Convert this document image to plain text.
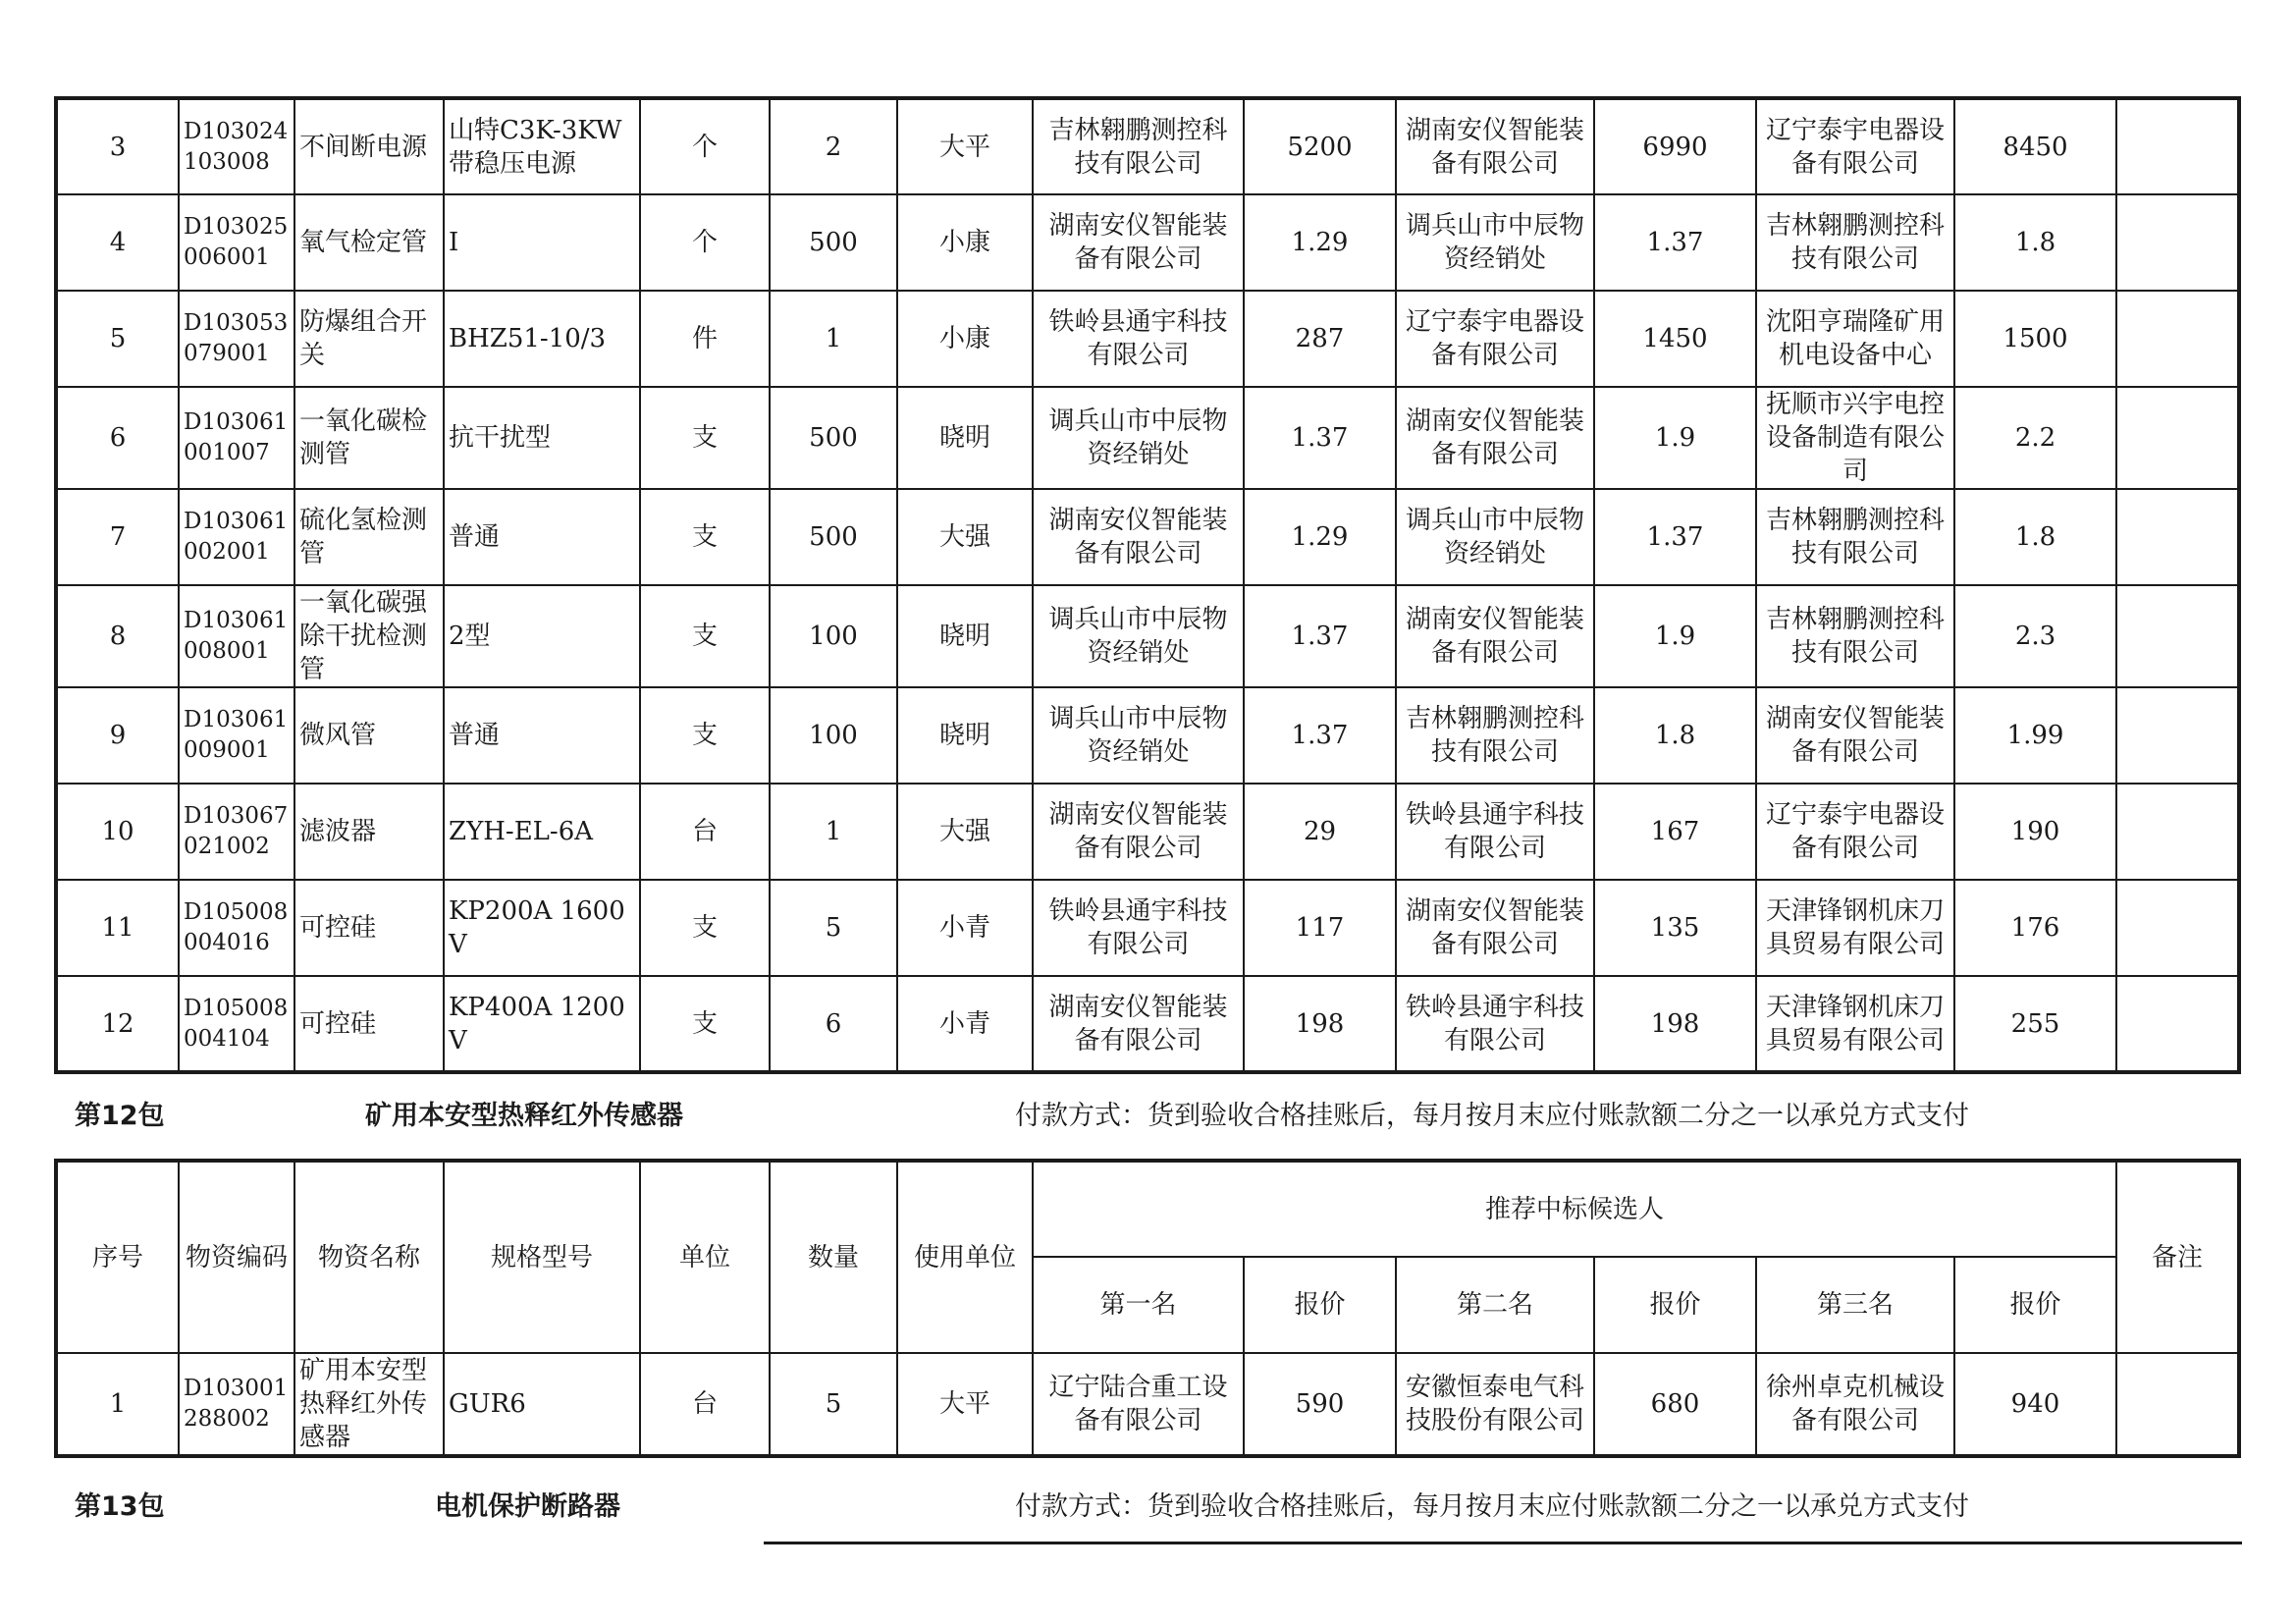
3	D103024103008	不间断电源	山特C3K-3KW带稳压电源	个	2	大平	吉林翱鹏测控科技有限公司	5200	湖南安仪智能装备有限公司	6990	辽宁泰宇电器设备有限公司	8450	
4	D103025006001	氧气检定管	I	个	500	小康	湖南安仪智能装备有限公司	1.29	调兵山市中辰物资经销处	1.37	吉林翱鹏测控科技有限公司	1.8	
5	D103053079001	防爆组合开关	BHZ51-10/3	件	1	小康	铁岭县通宇科技有限公司	287	辽宁泰宇电器设备有限公司	1450	沈阳亨瑞隆矿用机电设备中心	1500	
6	D103061001007	一氧化碳检测管	抗干扰型	支	500	晓明	调兵山市中辰物资经销处	1.37	湖南安仪智能装备有限公司	1.9	抚顺市兴宇电控设备制造有限公司	2.2	
7	D103061002001	硫化氢检测管	普通	支	500	大强	湖南安仪智能装备有限公司	1.29	调兵山市中辰物资经销处	1.37	吉林翱鹏测控科技有限公司	1.8	
8	D103061008001	一氧化碳强除干扰检测管	2型	支	100	晓明	调兵山市中辰物资经销处	1.37	湖南安仪智能装备有限公司	1.9	吉林翱鹏测控科技有限公司	2.3	
9	D103061009001	微风管	普通	支	100	晓明	调兵山市中辰物资经销处	1.37	吉林翱鹏测控科技有限公司	1.8	湖南安仪智能装备有限公司	1.99	
10	D103067021002	滤波器	ZYH-EL-6A	台	1	大强	湖南安仪智能装备有限公司	29	铁岭县通宇科技有限公司	167	辽宁泰宇电器设备有限公司	190	
11	D105008004016	可控硅	KP200A 1600V	支	5	小青	铁岭县通宇科技有限公司	117	湖南安仪智能装备有限公司	135	天津锋钢机床刀具贸易有限公司	176	
12	D105008004104	可控硅	KP400A 1200V	支	6	小青	湖南安仪智能装备有限公司	198	铁岭县通宇科技有限公司	198	天津锋钢机床刀具贸易有限公司	255	
第12包	矿用本安型热释红外传感器	付款方式：货到验收合格挂账后，每月按月末应付账款额二分之一以承兑方式支付
序号	物资编码	物资名称	规格型号	单位	数量	使用单位	推荐中标候选人						备注
							第一名	报价	第二名	报价	第三名	报价	
1	D103001288002	矿用本安型热释红外传感器	GUR6	台	5	大平	辽宁陆合重工设备有限公司	590	安徽恒泰电气科技股份有限公司	680	徐州卓克机械设备有限公司	940	
第13包	电机保护断路器	付款方式：货到验收合格挂账后，每月按月末应付账款额二分之一以承兑方式支付
